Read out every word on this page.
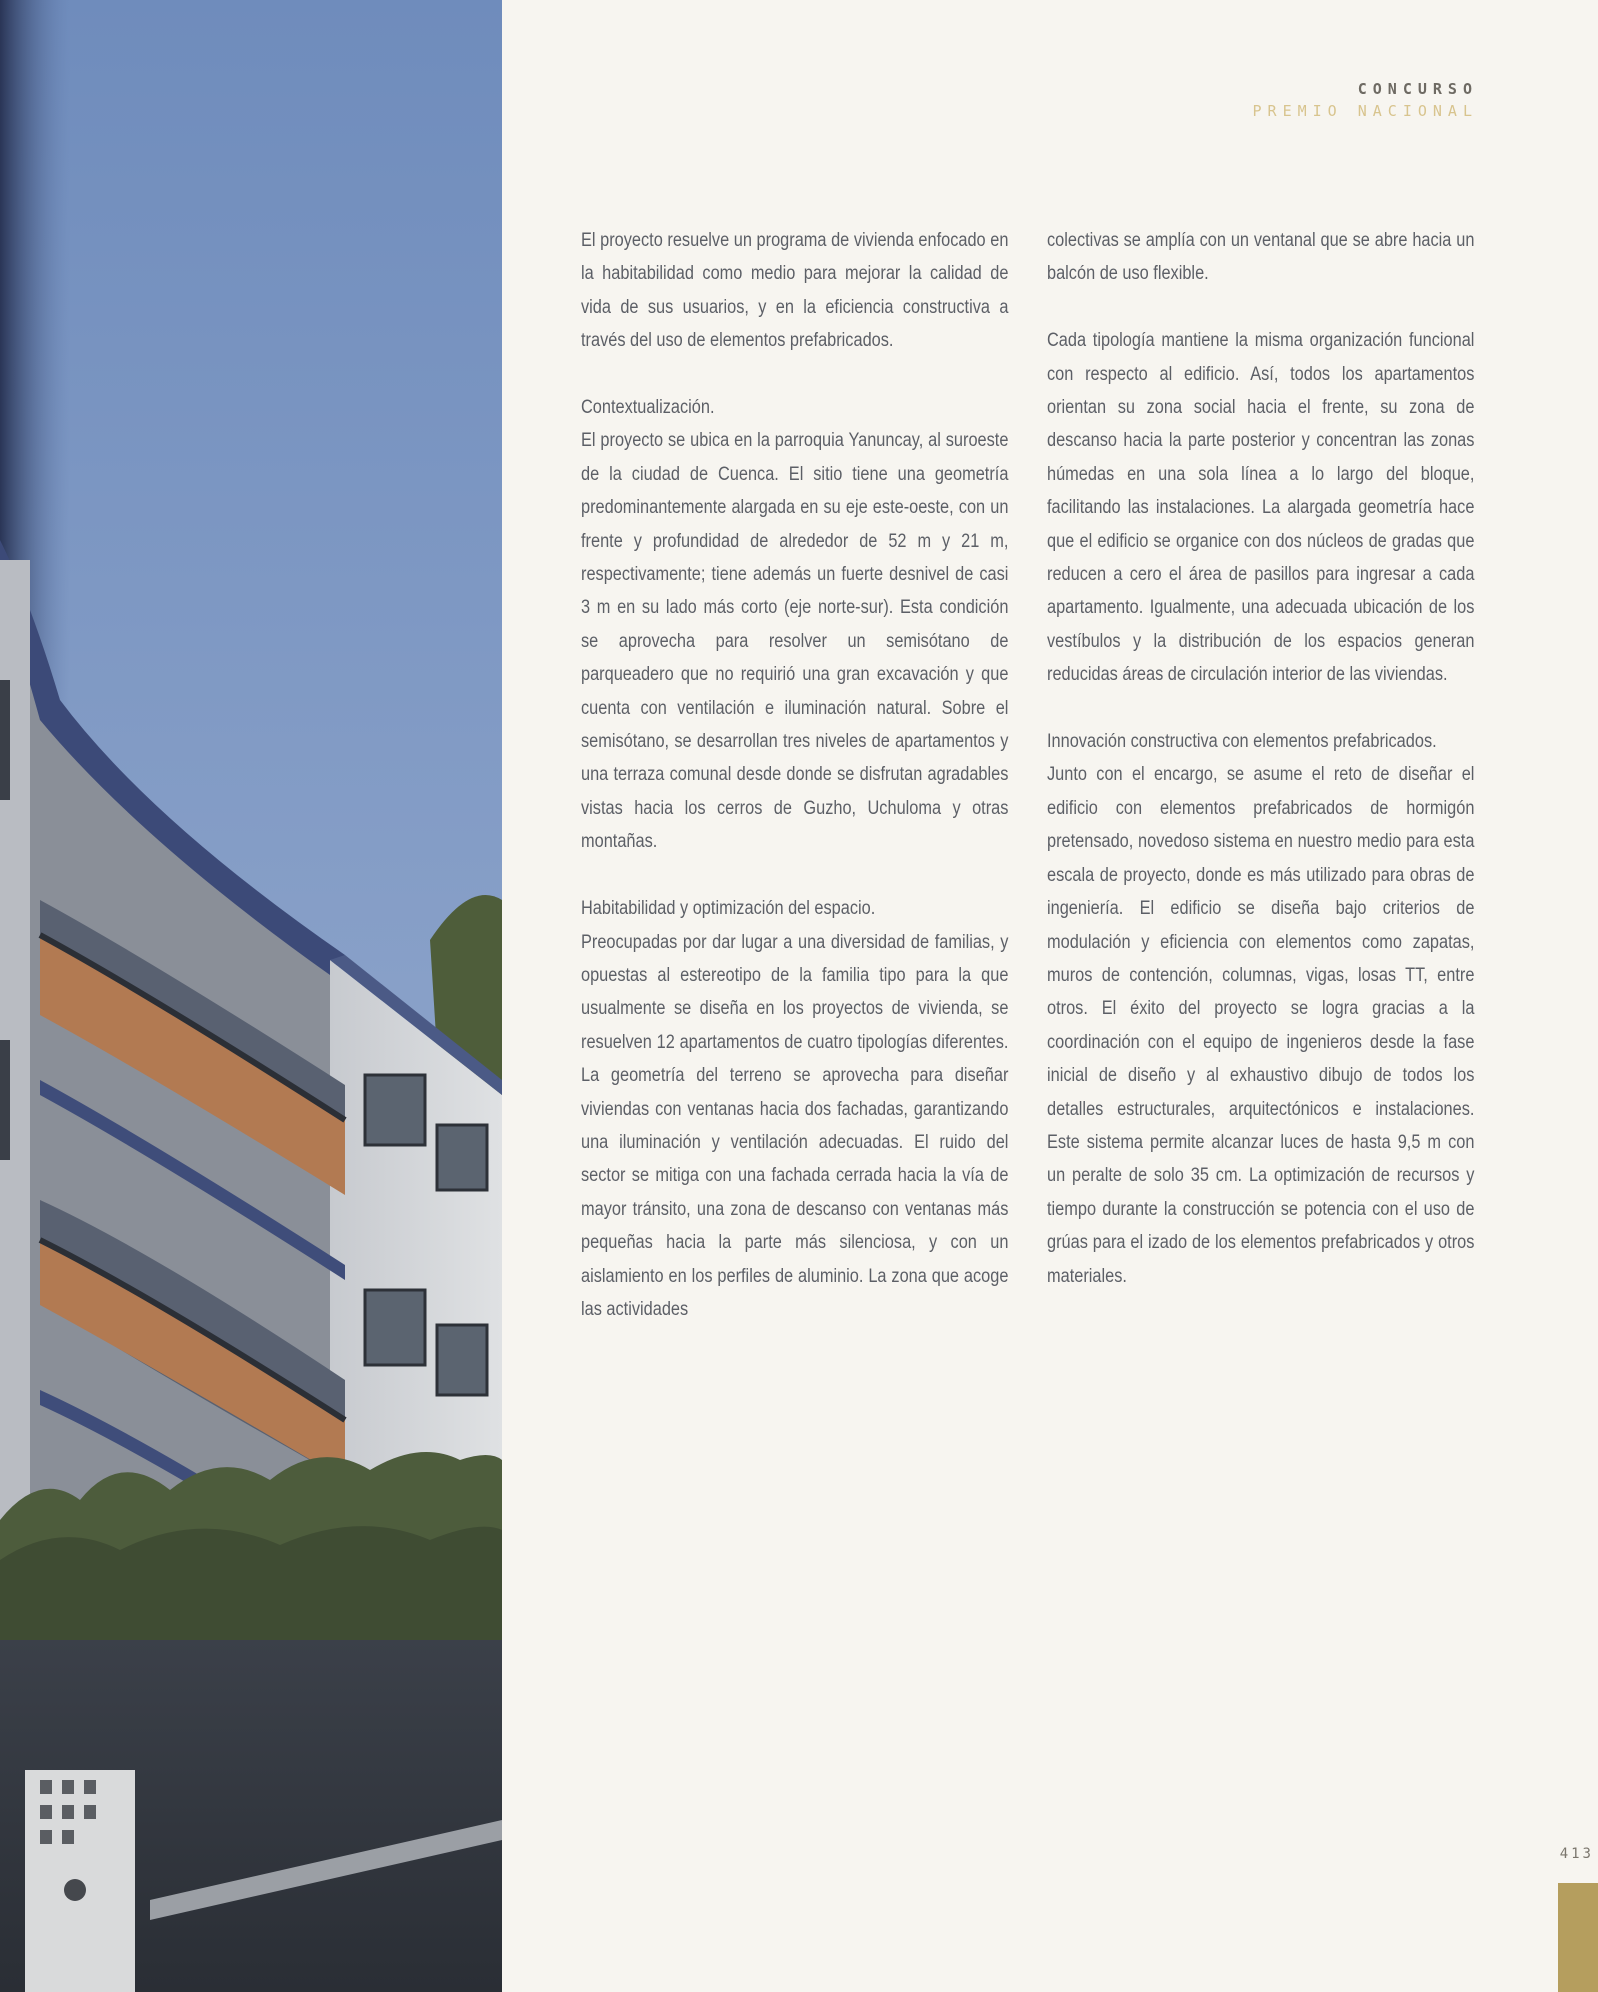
CONCURSO
PREMIO NACIONAL

El proyecto resuelve un programa de vivienda enfocado en la habitabilidad como medio para mejorar la calidad de vida de sus usuarios, y en la eficiencia constructiva a través del uso de elementos prefabricados.

Contextualización.

El proyecto se ubica en la parroquia Yanuncay, al suroeste de la ciudad de Cuenca. El sitio tiene una geometría predominantemente alargada en su eje este-oeste, con un frente y profundidad de alrededor de 52 m y 21 m, respectivamente; tiene además un fuerte desnivel de casi 3 m en su lado más corto (eje norte-sur). Esta condición se aprovecha para resolver un semisótano de parqueadero que no requirió una gran excavación y que cuenta con ventilación e iluminación natural. Sobre el semisótano, se desarrollan tres niveles de apartamentos y una terraza comunal desde donde se disfrutan agradables vistas hacia los cerros de Guzho, Uchuloma y otras montañas.

Habitabilidad y optimización del espacio.

Preocupadas por dar lugar a una diversidad de familias, y opuestas al estereotipo de la familia tipo para la que usualmente se diseña en los proyectos de vivienda, se resuelven 12 apartamentos de cuatro tipologías diferentes. La geometría del terreno se aprovecha para diseñar viviendas con ventanas hacia dos fachadas, garantizando una iluminación y ventilación adecuadas. El ruido del sector se mitiga con una fachada cerrada hacia la vía de mayor tránsito, una zona de descanso con ventanas más pequeñas hacia la parte más silenciosa, y con un aislamiento en los perfiles de aluminio. La zona que acoge las actividades

colectivas se amplía con un ventanal que se abre hacia un balcón de uso flexible.

Cada tipología mantiene la misma organización funcional con respecto al edificio. Así, todos los apartamentos orientan su zona social hacia el frente, su zona de descanso hacia la parte posterior y concentran las zonas húmedas en una sola línea a lo largo del bloque, facilitando las instalaciones. La alargada geometría hace que el edificio se organice con dos núcleos de gradas que reducen a cero el área de pasillos para ingresar a cada apartamento. Igualmente, una adecuada ubicación de los vestíbulos y la distribución de los espacios generan reducidas áreas de circulación interior de las viviendas.

Innovación constructiva con elementos prefabricados.

Junto con el encargo, se asume el reto de diseñar el edificio con elementos prefabricados de hormigón pretensado, novedoso sistema en nuestro medio para esta escala de proyecto, donde es más utilizado para obras de ingeniería. El edificio se diseña bajo criterios de modulación y eficiencia con elementos como zapatas, muros de contención, columnas, vigas, losas TT, entre otros. El éxito del proyecto se logra gracias a la coordinación con el equipo de ingenieros desde la fase inicial de diseño y al exhaustivo dibujo de todos los detalles estructurales, arquitectónicos e instalaciones. Este sistema permite alcanzar luces de hasta 9,5 m con un peralte de solo 35 cm. La optimización de recursos y tiempo durante la construcción se potencia con el uso de grúas para el izado de los elementos prefabricados y otros materiales.

413
